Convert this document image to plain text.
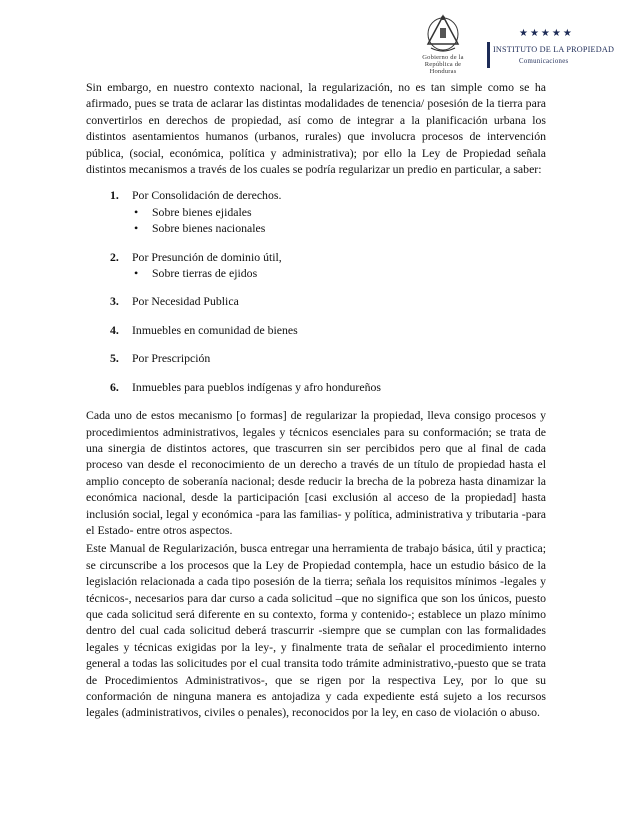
Gobierno de la
República de Honduras
★★★★★
INSTITUTO DE LA PROPIEDAD
Comunicaciones

Sin embargo, en nuestro contexto nacional, la regularización, no es tan simple como se ha afirmado, pues se trata de aclarar las distintas modalidades de tenencia/ posesión de la tierra para convertirlos en derechos de propiedad, así como de integrar a la planificación urbana los distintos asentamientos humanos (urbanos, rurales) que involucra procesos de intervención pública, (social, económica, política y administrativa); por ello la Ley de Propiedad señala distintos mecanismos a través de los cuales se podría regularizar un predio en particular, a saber:

1. Por Consolidación de derechos.
• Sobre bienes ejidales
• Sobre bienes nacionales
2. Por Presunción de dominio útil,
• Sobre tierras de ejidos
3. Por Necesidad Publica
4. Inmuebles en comunidad de bienes
5. Por Prescripción
6. Inmuebles para pueblos indígenas y afro hondureños

Cada uno de estos mecanismo [o formas] de regularizar la propiedad, lleva consigo procesos y procedimientos administrativos, legales y técnicos esenciales para su conformación; se trata de una sinergia de distintos actores, que trascurren sin ser percibidos pero que al final de cada proceso van desde el reconocimiento de un derecho a través de un título de propiedad hasta el amplio concepto de soberanía nacional; desde reducir la brecha de la pobreza hasta dinamizar la económica nacional, desde la participación [casi exclusión al acceso de la propiedad] hasta inclusión social, legal y económica -para las familias- y política, administrativa y tributaria -para el Estado- entre otros aspectos.

Este Manual de Regularización, busca entregar una herramienta de trabajo básica, útil y practica; se circunscribe a los procesos que la Ley de Propiedad contempla, hace un estudio básico de la legislación relacionada a cada tipo posesión de la tierra; señala los requisitos mínimos -legales y técnicos-, necesarios para dar curso a cada solicitud –que no significa que son los únicos, puesto que cada solicitud será diferente en su contexto, forma y contenido-; establece un plazo mínimo dentro del cual cada solicitud deberá trascurrir -siempre que se cumplan con las formalidades legales y técnicas exigidas por la ley-, y finalmente trata de señalar el procedimiento interno general a todas las solicitudes por el cual transita todo trámite administrativo,-puesto que se trata de Procedimientos Administrativos-, que se rigen por la respectiva Ley, por lo que su conformación de ninguna manera es antojadiza y cada expediente está sujeto a los recursos legales (administrativos, civiles o penales), reconocidos por la ley, en caso de violación o abuso.
